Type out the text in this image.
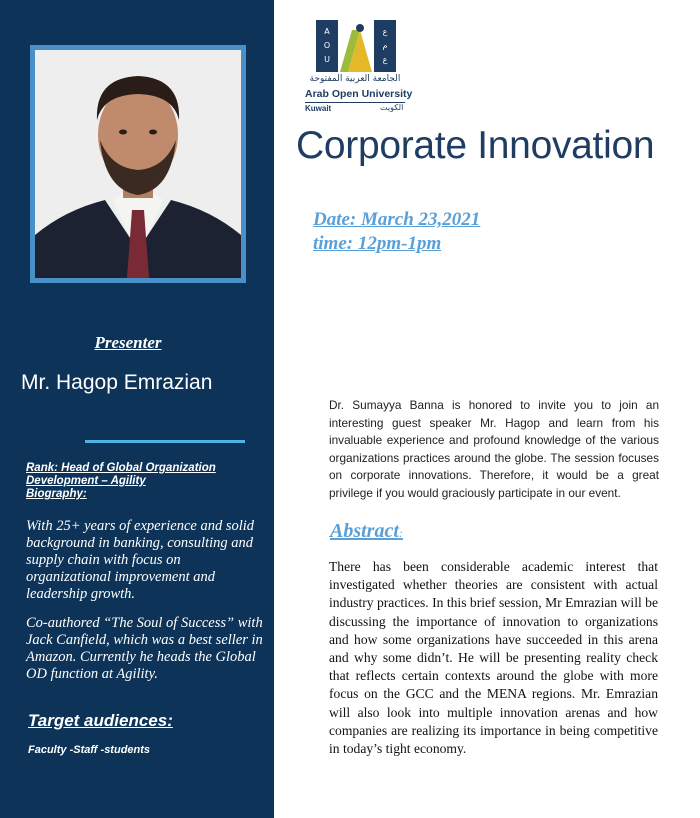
Presenter
Mr. Hagop Emrazian
Rank: Head of Global Organization Development – Agility
Biography:
With 25+ years of experience and solid background in banking, consulting and supply chain with focus on organizational improvement and leadership growth.
Co-authored “The Soul of Success” with Jack Canfield, which was a best seller in Amazon. Currently he heads the Global OD function at Agility.
Target audiences:
Faculty -Staff -students
A
O
U
ع
م
ع
الجامعة العربية المفتوحة
Arab Open University
Kuwait	الكويت
Corporate Innovation
Date: March 23,2021
time: 12pm-1pm
Dr. Sumayya Banna is honored to invite you to join an interesting guest speaker Mr. Hagop and learn from his invaluable experience and profound knowledge of the various organizations practices around the globe. The session focuses on corporate innovations. Therefore, it would be a great privilege if you would graciously participate in our event.
Abstract:
There has been considerable academic interest that investigated whether theories are consistent with actual industry practices. In this brief session, Mr Emrazian will be discussing the importance of innovation to organizations and how some organizations have succeeded in this arena and why some didn’t. He will be presenting reality check that reflects certain contexts around the globe with more focus on the GCC and the MENA regions. Mr. Emrazian will also look into multiple innovation arenas and how companies are realizing its importance in being competitive in today’s tight economy.
